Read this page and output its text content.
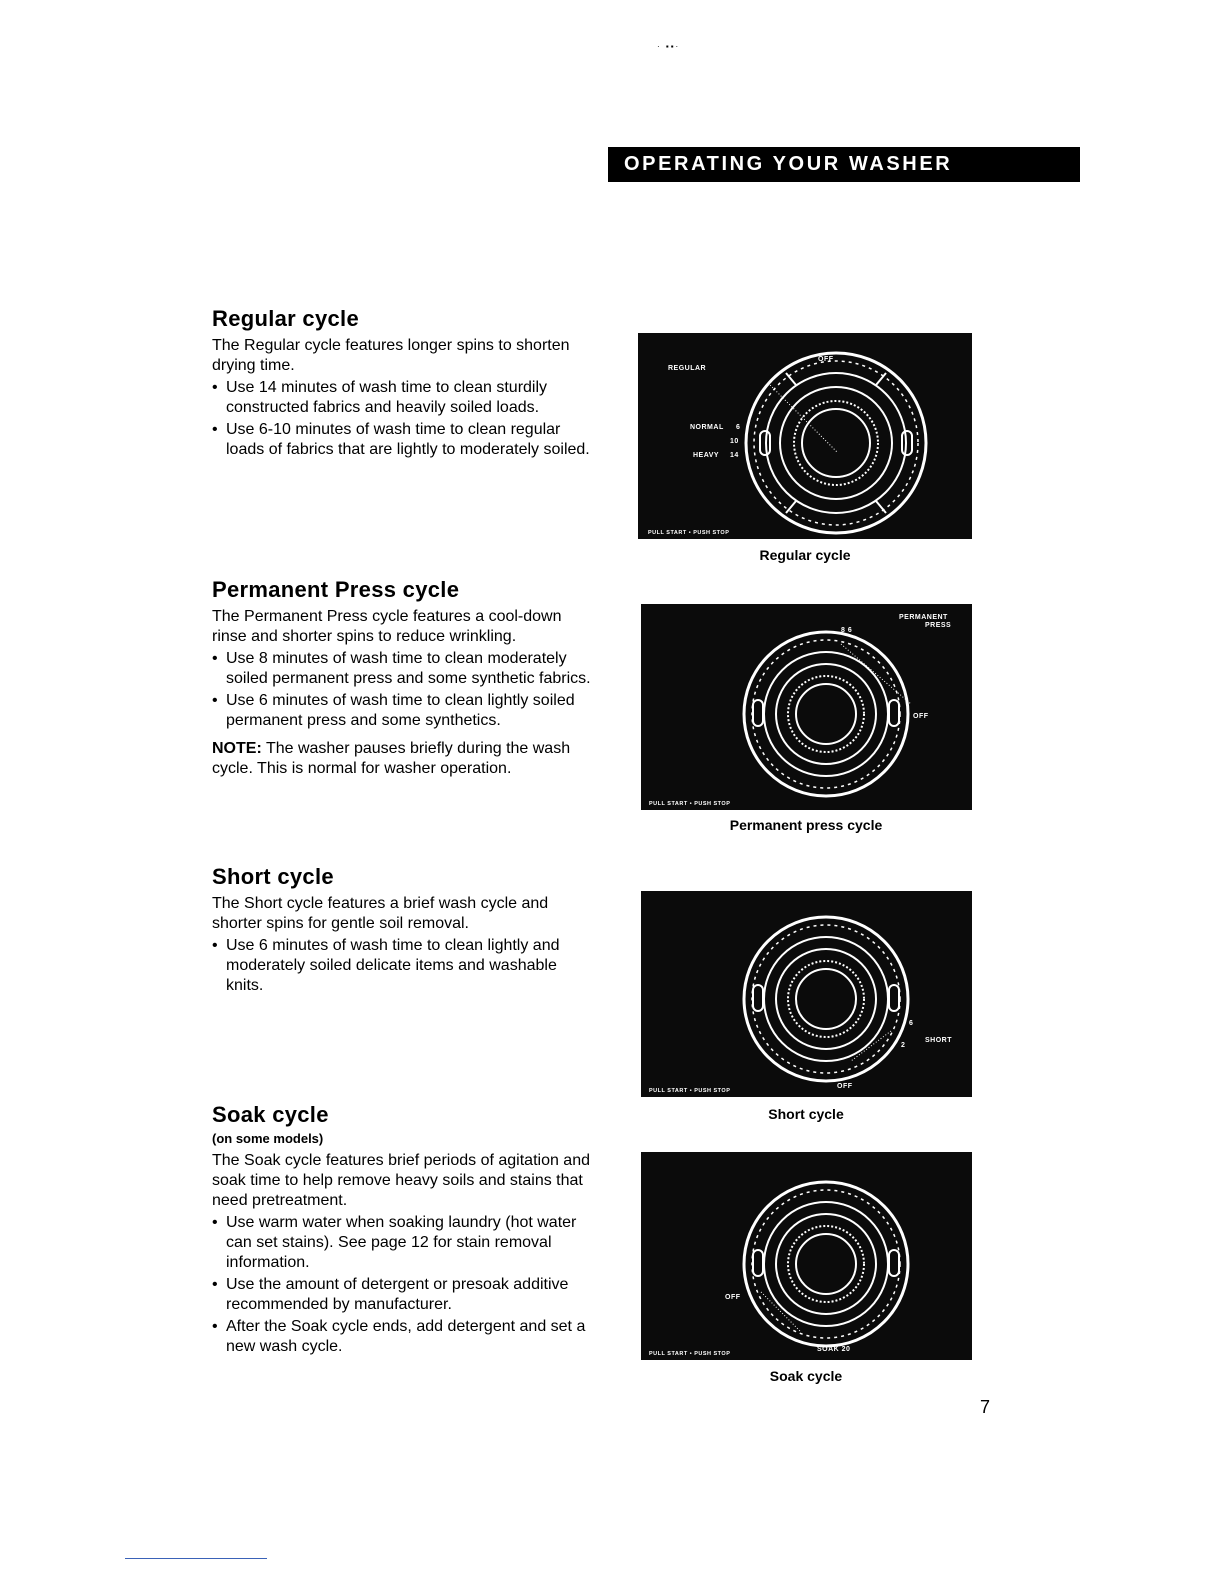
· ▪▪·
OPERATING YOUR WASHER
Regular cycle

The Regular cycle features longer spins to shorten drying time.

• Use 14 minutes of wash time to clean sturdily constructed fabrics and heavily soiled loads.
• Use 6-10 minutes of wash time to clean regular loads of fabrics that are lightly to moderately soiled.
Permanent Press cycle

The Permanent Press cycle features a cool-down rinse and shorter spins to reduce wrinkling.

• Use 8 minutes of wash time to clean moderately soiled permanent press and some synthetic fabrics.
• Use 6 minutes of wash time to clean lightly soiled permanent press and some synthetics.

NOTE: The washer pauses briefly during the wash cycle. This is normal for washer operation.

Short cycle

The Short cycle features a brief wash cycle and shorter spins for gentle soil removal.

• Use 6 minutes of wash time to clean lightly and moderately soiled delicate items and washable knits.
Soak cycle
(on some models)

The Soak cycle features brief periods of agitation and soak time to help remove heavy soils and stains that need pretreatment.

• Use warm water when soaking laundry (hot water can set stains). See page 12 for stain removal information.
• Use the amount of detergent or presoak additive recommended by manufacturer.
• After the Soak cycle ends, add detergent and set a new wash cycle.
REGULAR
OFF
NORMAL 6
10
HEAVY 14
PULL START • PUSH STOP
Regular cycle
PERMANENT
PRESS
8 6
OFF
PULL START • PUSH STOP
Permanent press cycle
6
SHORT
2
OFF
PULL START • PUSH STOP
Short cycle
OFF
SOAK 20
PULL START • PUSH STOP
Soak cycle
7
